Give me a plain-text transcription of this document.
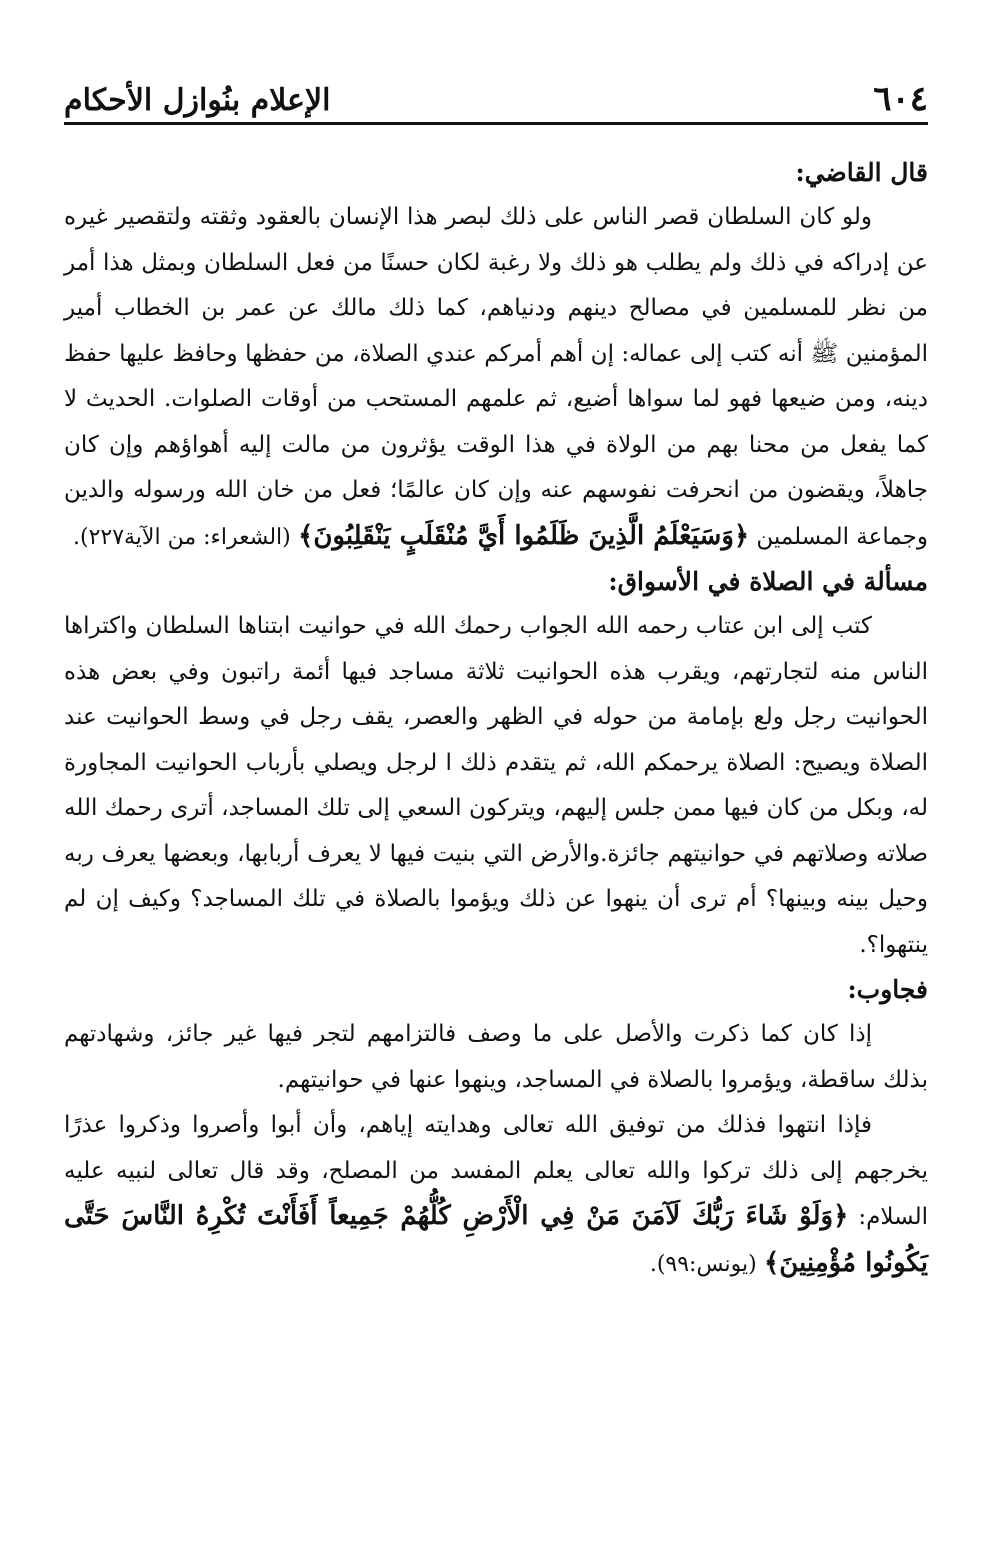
٦٠٤
الإعلام بنُوازل الأحكام

قال القاضي:

ولو كان السلطان قصر الناس على ذلك لبصر هذا الإنسان بالعقود وثقته ولتقصير غيره عن إدراكه في ذلك ولم يطلب هو ذلك ولا رغبة لكان حسنًا من فعل السلطان وبمثل هذا أمر من نظر للمسلمين في مصالح دينهم ودنياهم، كما ذلك مالك عن عمر بن الخطاب أمير المؤمنين ﷺ أنه كتب إلى عماله: إن أهم أمركم عندي الصلاة، من حفظها وحافظ عليها حفظ دينه، ومن ضيعها فهو لما سواها أضيع، ثم علمهم المستحب من أوقات الصلوات. الحديث لا كما يفعل من محنا بهم من الولاة في هذا الوقت يؤثرون من مالت إليه أهواؤهم وإن كان جاهلاً، ويقضون من انحرفت نفوسهم عنه وإن كان عالمًا؛ فعل من خان الله ورسوله والدين وجماعة المسلمين ﴿وَسَيَعْلَمُ الَّذِينَ ظَلَمُوا أَيَّ مُنْقَلَبٍ يَنْقَلِبُونَ﴾ (الشعراء: من الآية٢٢٧).

مسألة في الصلاة في الأسواق:

كتب إلى ابن عتاب رحمه الله الجواب رحمك الله في حوانيت ابتناها السلطان واكتراها الناس منه لتجارتهم، ويقرب هذه الحوانيت ثلاثة مساجد فيها أئمة راتبون وفي بعض هذه الحوانيت رجل ولع بإمامة من حوله في الظهر والعصر، يقف رجل في وسط الحوانيت عند الصلاة ويصيح: الصلاة يرحمكم الله، ثم يتقدم ذلك ا لرجل ويصلي بأرباب الحوانيت المجاورة له، وبكل من كان فيها ممن جلس إليهم، ويتركون السعي إلى تلك المساجد، أترى رحمك الله صلاته وصلاتهم في حوانيتهم جائزة.والأرض التي بنيت فيها لا يعرف أربابها، وبعضها يعرف ربه وحيل بينه وبينها؟ أم ترى أن ينهوا عن ذلك ويؤموا بالصلاة في تلك المساجد؟ وكيف إن لم ينتهوا؟.

فجاوب:

إذا كان كما ذكرت والأصل على ما وصف فالتزامهم لتجر فيها غير جائز، وشهادتهم بذلك ساقطة، ويؤمروا بالصلاة في المساجد، وينهوا عنها في حوانيتهم.

فإذا انتهوا فذلك من توفيق الله تعالى وهدايته إياهم، وأن أبوا وأصروا وذكروا عذرًا يخرجهم إلى ذلك تركوا والله تعالى يعلم المفسد من المصلح، وقد قال تعالى لنبيه عليه السلام: ﴿وَلَوْ شَاءَ رَبُّكَ لَآمَنَ مَنْ فِي الْأَرْضِ كُلُّهُمْ جَمِيعاً أَفَأَنْتَ تُكْرِهُ النَّاسَ حَتَّى يَكُونُوا مُؤْمِنِينَ﴾ (يونس:٩٩).
